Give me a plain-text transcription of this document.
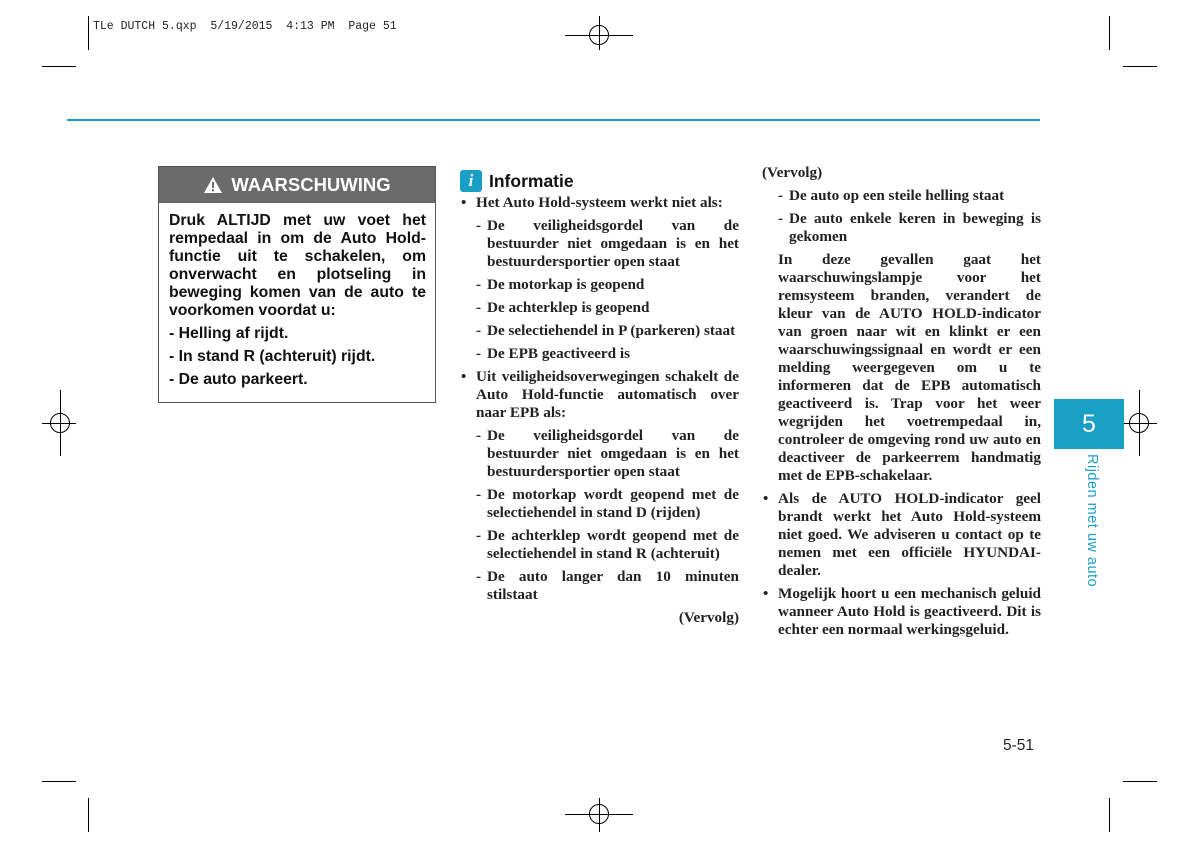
TLe DUTCH 5.qxp  5/19/2015  4:13 PM  Page 51
WAARSCHUWING

Druk ALTIJD met uw voet het rempedaal in om de Auto Hold-functie uit te schakelen, om onverwacht en plotseling in beweging komen van de auto te voorkomen voordat u:

- Helling af rijdt.

- In stand R (achteruit) rijdt.

- De auto parkeert.

i Informatie

• Het Auto Hold-systeem werkt niet als:

- De veiligheidsgordel van de bestuurder niet omgedaan is en het bestuurdersportier open staat

- De motorkap is geopend

- De achterklep is geopend

- De selectiehendel in P (parkeren) staat

- De EPB geactiveerd is

• Uit veiligheidsoverwegingen schakelt de Auto Hold-functie automatisch over naar EPB als:

- De veiligheidsgordel van de bestuurder niet omgedaan is en het bestuurdersportier open staat

- De motorkap wordt geopend met de selectiehendel in stand D (rijden)

- De achterklep wordt geopend met de selectiehendel in stand R (achteruit)

- De auto langer dan 10 minuten stilstaat

(Vervolg)

(Vervolg)

- De auto op een steile helling staat

- De auto enkele keren in beweging is gekomen

In deze gevallen gaat het waarschuwingslampje voor het remsysteem branden, verandert de kleur van de AUTO HOLD-indicator van groen naar wit en klinkt er een waarschuwingssignaal en wordt er een melding weergegeven om u te informeren dat de EPB automatisch geactiveerd is. Trap voor het weer wegrijden het voetrempedaal in, controleer de omgeving rond uw auto en deactiveer de parkeerrem handmatig met de EPB-schakelaar.

• Als de AUTO HOLD-indicator geel brandt werkt het Auto Hold-systeem niet goed. We adviseren u contact op te nemen met een officiële HYUNDAI-dealer.

• Mogelijk hoort u een mechanisch geluid wanneer Auto Hold is geactiveerd. Dit is echter een normaal werkingsgeluid.

5
Rijden met uw auto
5-51
